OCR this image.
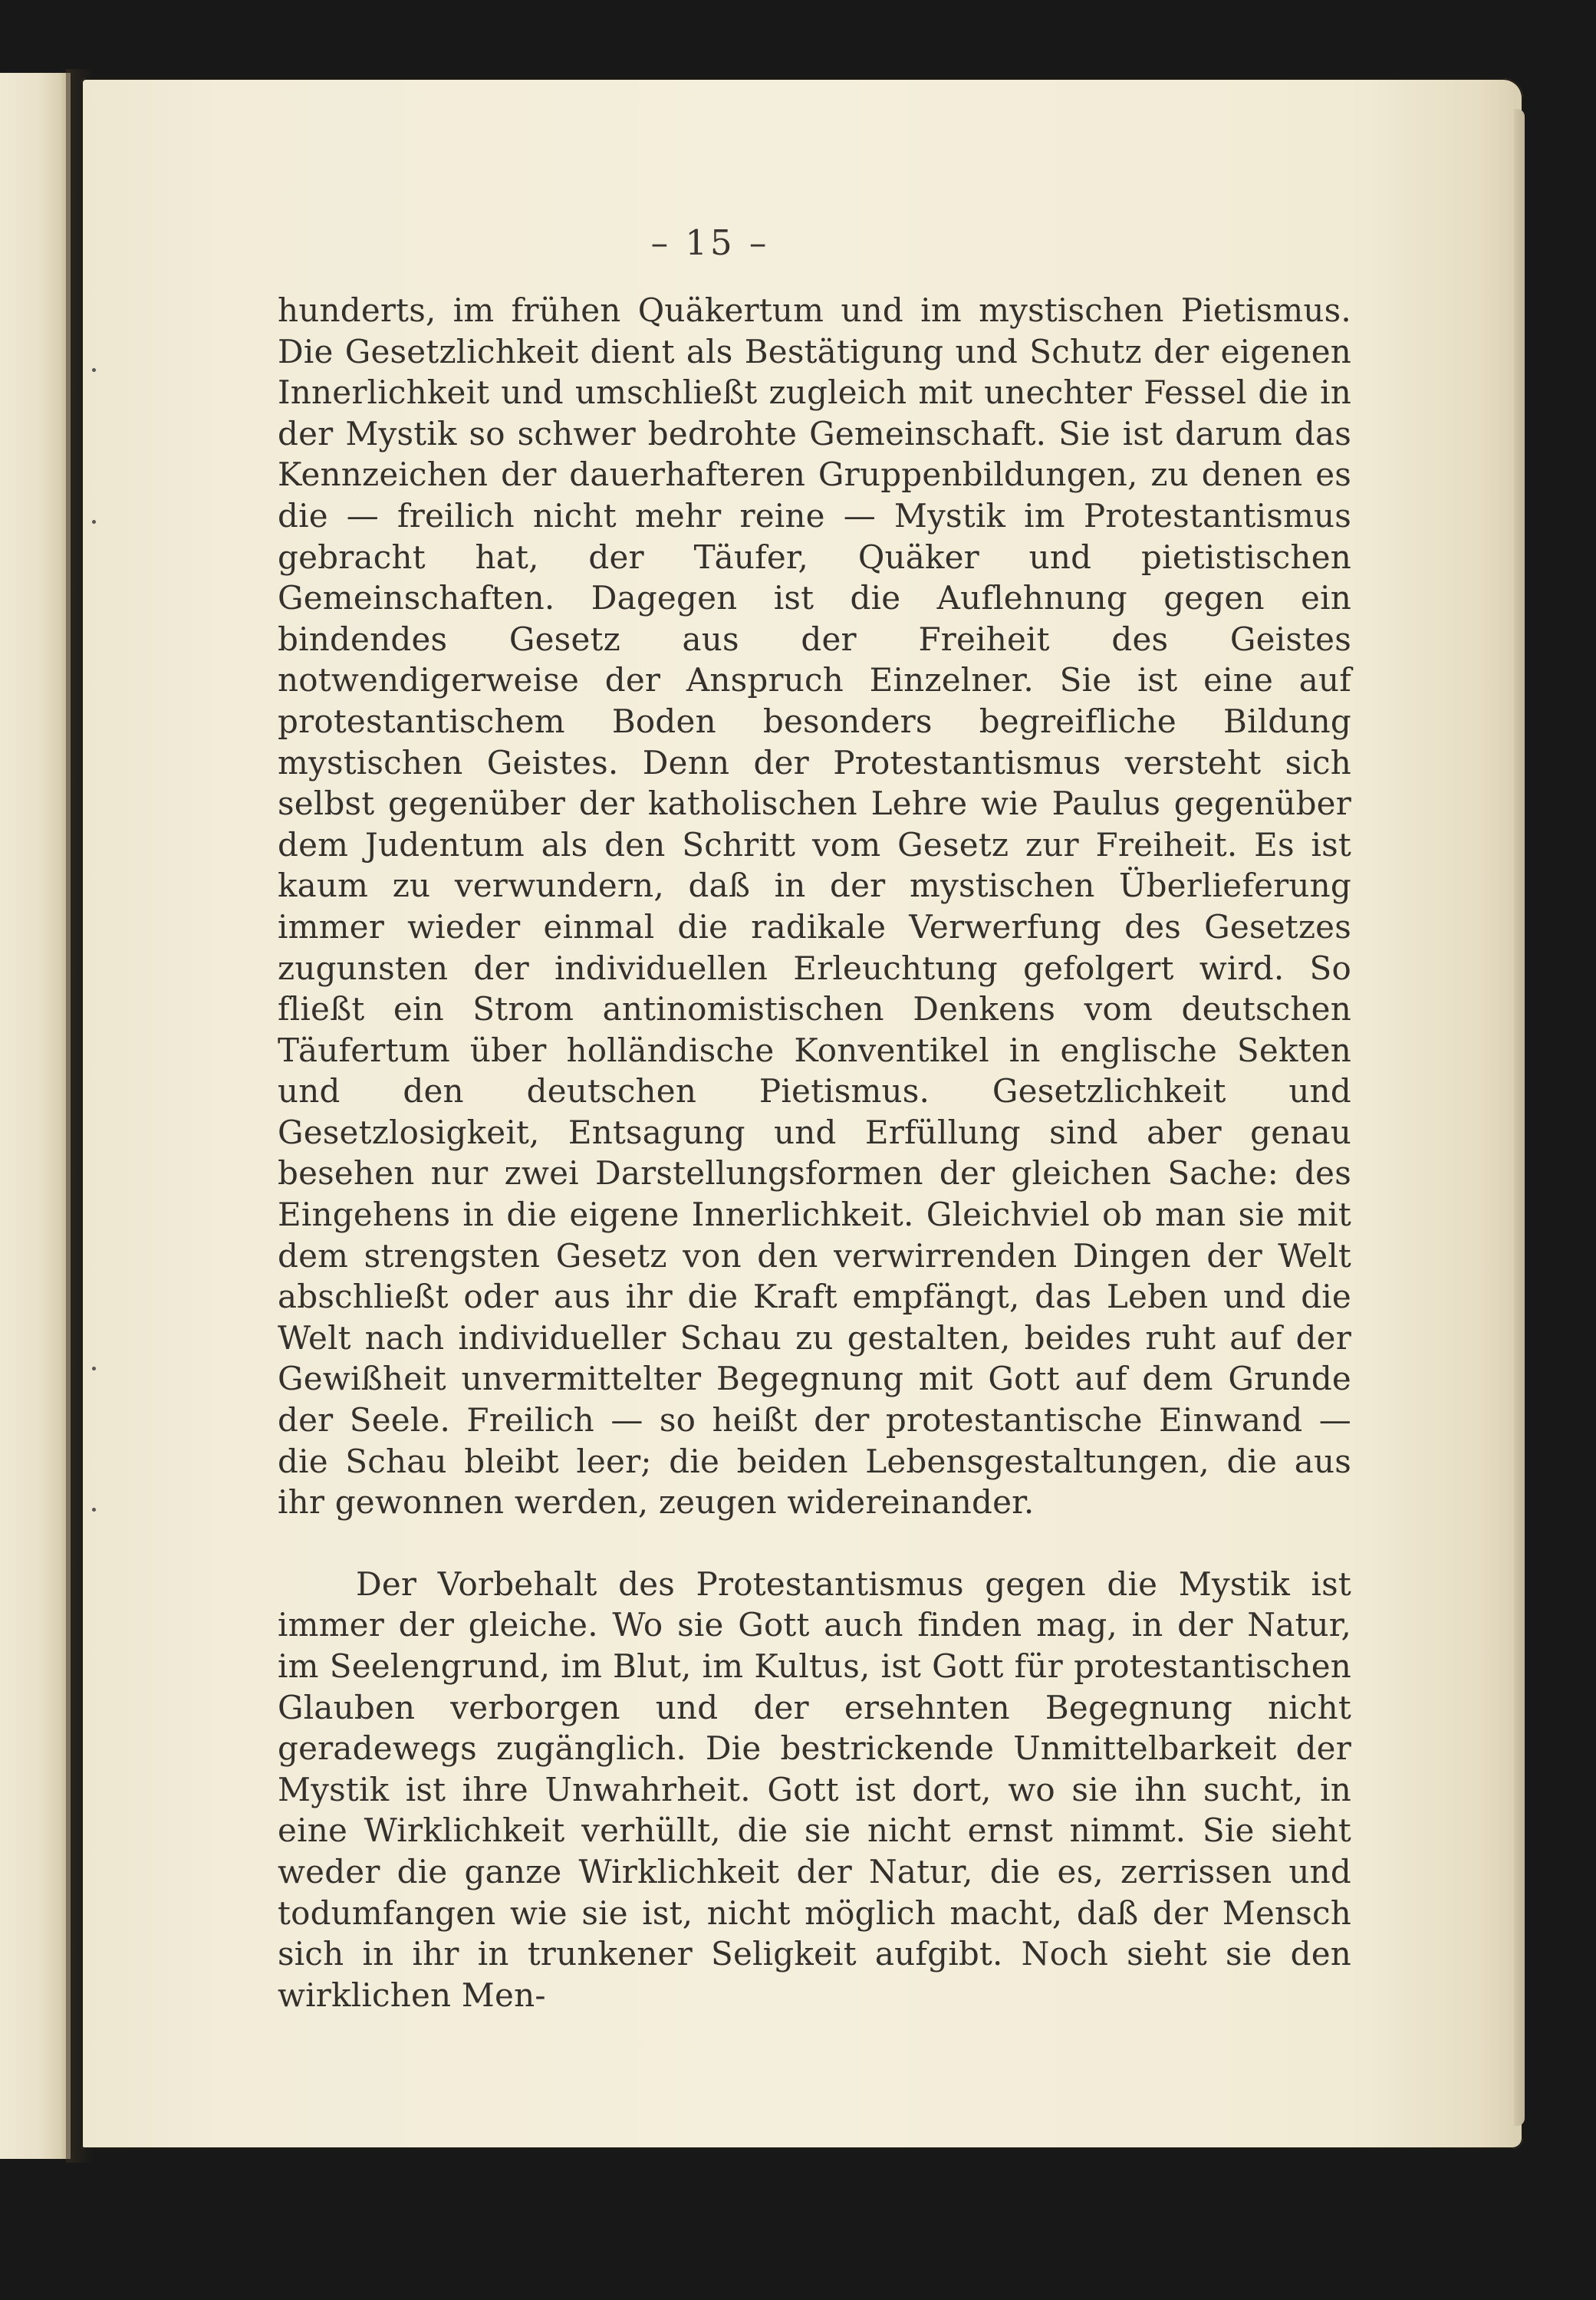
– 15 –

hunderts, im frühen Quäkertum und im mystischen Pietismus. Die Gesetzlichkeit dient als Bestätigung und Schutz der eigenen Innerlichkeit und umschließt zugleich mit unechter Fessel die in der Mystik so schwer bedrohte Gemeinschaft. Sie ist darum das Kennzeichen der dauerhafteren Gruppenbildungen, zu denen es die — freilich nicht mehr reine — Mystik im Protestantismus gebracht hat, der Täufer, Quäker und pietistischen Gemeinschaften. Dagegen ist die Auflehnung gegen ein bindendes Gesetz aus der Freiheit des Geistes notwendigerweise der Anspruch Einzelner. Sie ist eine auf protestantischem Boden besonders begreifliche Bildung mystischen Geistes. Denn der Protestantismus versteht sich selbst gegenüber der katholischen Lehre wie Paulus gegenüber dem Judentum als den Schritt vom Gesetz zur Freiheit. Es ist kaum zu verwundern, daß in der mystischen Überlieferung immer wieder einmal die radikale Verwerfung des Gesetzes zugunsten der individuellen Erleuchtung gefolgert wird. So fließt ein Strom antinomistischen Denkens vom deutschen Täufertum über holländische Konventikel in englische Sekten und den deutschen Pietismus. Gesetzlichkeit und Gesetzlosigkeit, Entsagung und Erfüllung sind aber genau besehen nur zwei Darstellungsformen der gleichen Sache: des Eingehens in die eigene Innerlichkeit. Gleichviel ob man sie mit dem strengsten Gesetz von den verwirrenden Dingen der Welt abschließt oder aus ihr die Kraft empfängt, das Leben und die Welt nach individueller Schau zu gestalten, beides ruht auf der Gewißheit unvermittelter Begegnung mit Gott auf dem Grunde der Seele. Freilich — so heißt der protestantische Einwand — die Schau bleibt leer; die beiden Lebensgestaltungen, die aus ihr gewonnen werden, zeugen widereinander.

Der Vorbehalt des Protestantismus gegen die Mystik ist immer der gleiche. Wo sie Gott auch finden mag, in der Natur, im Seelengrund, im Blut, im Kultus, ist Gott für protestantischen Glauben verborgen und der ersehnten Begegnung nicht geradewegs zugänglich. Die bestrickende Unmittelbarkeit der Mystik ist ihre Unwahrheit. Gott ist dort, wo sie ihn sucht, in eine Wirklichkeit verhüllt, die sie nicht ernst nimmt. Sie sieht weder die ganze Wirklichkeit der Natur, die es, zerrissen und todumfangen wie sie ist, nicht möglich macht, daß der Mensch sich in ihr in trunkener Seligkeit aufgibt. Noch sieht sie den wirklichen Men-
